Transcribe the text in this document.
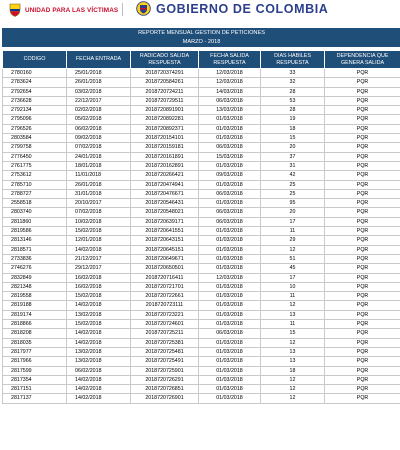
UNIDAD PARA LAS VÍCTIMAS	GOBIERNO DE COLOMBIA
REPORTE MENSUAL GESTION DE PETICIONES					
MARZO - 2018					

CODIGO	FECHA ENTRADA	RADICADO SALIDA RESPUESTA	FECHA SALIDA RESPUESTA	DIAS HABILES RESPUESTA	DEPENDENCIA QUE GENERA SALIDA
2780160	25/01/2018	2018720374291	12/03/2018	33	PQR
2783624	26/01/2018	2018720584261	12/03/2018	32	PQR
2792654	03/02/2018	2018720724211	14/03/2018	28	PQR
2736628	22/12/2017	2018720729511	06/03/2018	53	PQR
2792134	02/02/2018	2018720891901	13/03/2018	28	PQR
2795096	05/02/2018	2018720892281	01/03/2018	19	PQR
2796526	06/02/2018	2018720892371	01/03/2018	18	PQR
2803584	09/02/2018	2018720154101	01/03/2018	15	PQR
2799758	07/02/2018	2018720159181	06/03/2018	20	PQR
2776450	24/01/2018	2018720161891	15/03/2018	37	PQR
2761775	18/01/2018	2018720162891	01/03/2018	31	PQR
2753612	11/01/2018	2018720266421	09/03/2018	42	PQR
2785710	26/01/2018	2018720474941	01/03/2018	25	PQR
2788727	31/01/2018	2018720476671	06/03/2018	25	PQR
2558518	20/10/2017	2018720546431	01/03/2018	95	PQR
2803740	07/02/2018	2018720548021	06/03/2018	20	PQR
2811860	10/02/2018	2018720639171	06/03/2018	17	PQR
2819586	15/02/2018	2018720641551	01/03/2018	11	PQR
2813146	12/01/2018	2018720643151	01/03/2018	29	PQR
2818571	14/02/2018	2018720645151	01/03/2018	12	PQR
2733836	21/12/2017	2018720649671	01/03/2018	51	PQR
2746276	29/12/2017	2018720650501	01/03/2018	45	PQR
2832849	16/02/2018	2018720716411	12/03/2018	17	PQR
2821348	16/02/2018	2018720721701	01/03/2018	10	PQR
2819558	15/02/2018	2018720722661	01/03/2018	11	PQR
2819188	14/02/2018	2018720723111	01/03/2018	12	PQR
2819174	13/02/2018	2018720723221	01/03/2018	13	PQR
2818866	15/02/2018	2018720724601	01/03/2018	11	PQR
2818208	14/02/2018	2018720725211	06/03/2018	15	PQR
2818035	14/02/2018	2018720725381	01/03/2018	12	PQR
2817977	13/02/2018	2018720725481	01/03/2018	13	PQR
2817966	13/02/2018	2018720725491	01/03/2018	13	PQR
2817599	06/02/2018	2018720725901	01/03/2018	18	PQR
2817354	14/02/2018	2018720726291	01/03/2018	12	PQR
2817151	14/02/2018	2018720726851	01/03/2018	12	PQR
2817137	14/02/2018	2018720726901	01/03/2018	12	PQR
